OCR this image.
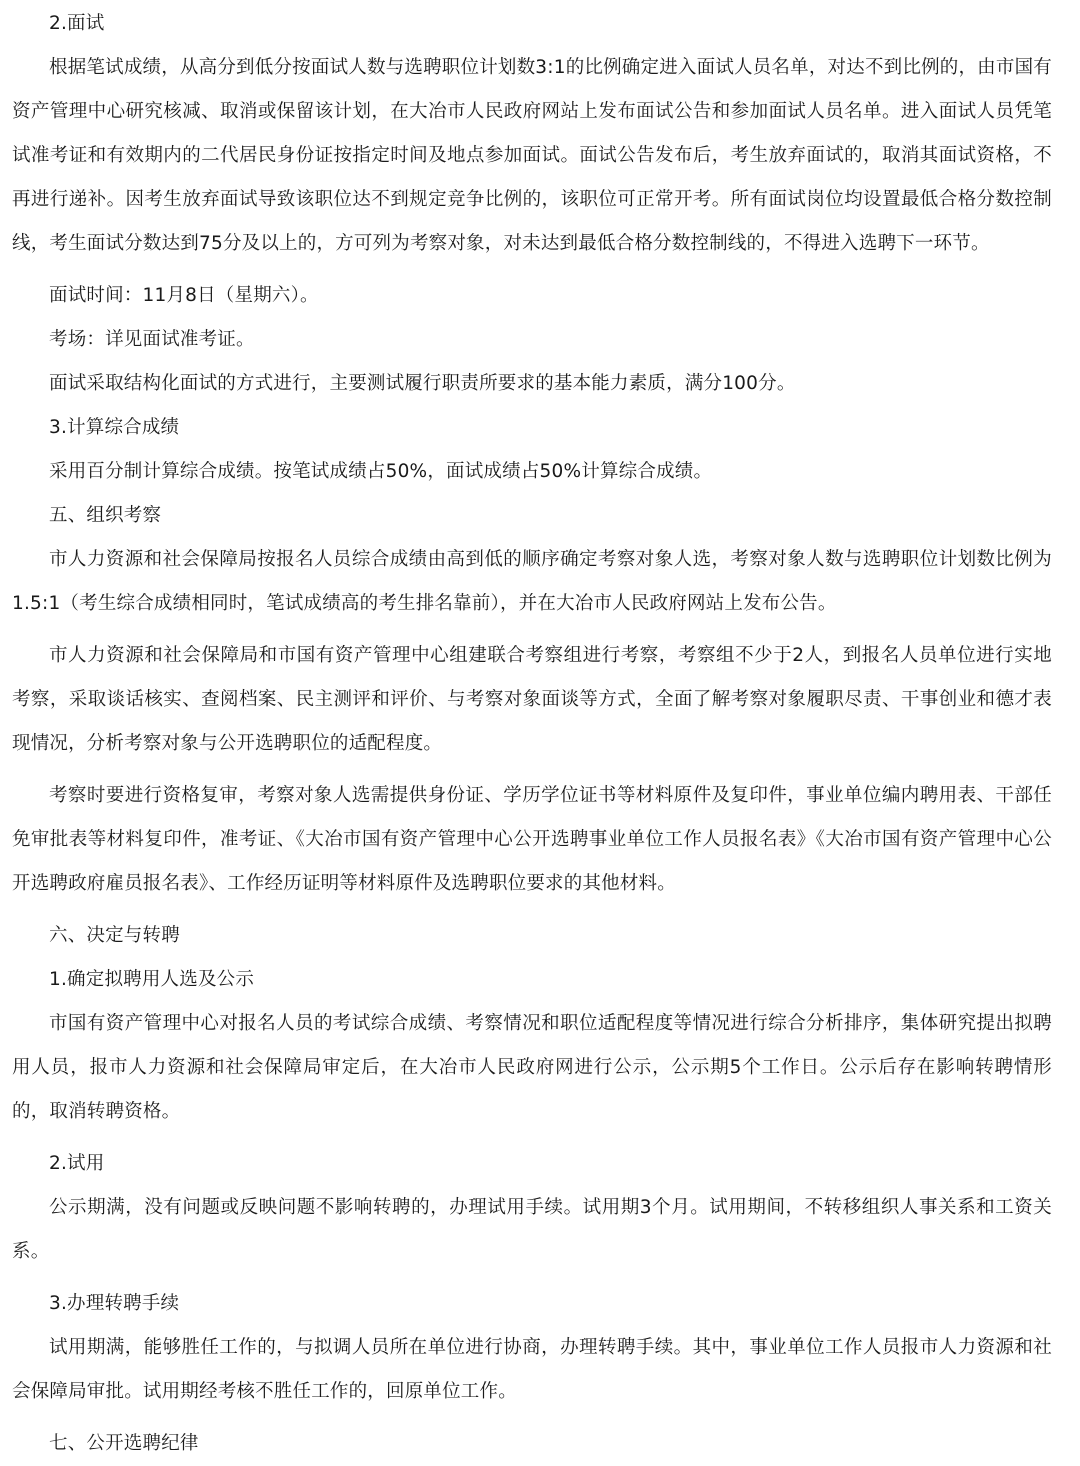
2.面试

根据笔试成绩，从高分到低分按面试人数与选聘职位计划数3:1的比例确定进入面试人员名单，对达不到比例的，由市国有资产管理中心研究核减、取消或保留该计划，在大冶市人民政府网站上发布面试公告和参加面试人员名单。进入面试人员凭笔试准考证和有效期内的二代居民身份证按指定时间及地点参加面试。面试公告发布后，考生放弃面试的，取消其面试资格，不再进行递补。因考生放弃面试导致该职位达不到规定竞争比例的，该职位可正常开考。所有面试岗位均设置最低合格分数控制线，考生面试分数达到75分及以上的，方可列为考察对象，对未达到最低合格分数控制线的，不得进入选聘下一环节。

面试时间：11月8日（星期六）。

考场：详见面试准考证。

面试采取结构化面试的方式进行，主要测试履行职责所要求的基本能力素质，满分100分。

3.计算综合成绩

采用百分制计算综合成绩。按笔试成绩占50%，面试成绩占50%计算综合成绩。

五、组织考察

市人力资源和社会保障局按报名人员综合成绩由高到低的顺序确定考察对象人选，考察对象人数与选聘职位计划数比例为1.5:1（考生综合成绩相同时，笔试成绩高的考生排名靠前），并在大冶市人民政府网站上发布公告。

市人力资源和社会保障局和市国有资产管理中心组建联合考察组进行考察，考察组不少于2人，到报名人员单位进行实地考察，采取谈话核实、查阅档案、民主测评和评价、与考察对象面谈等方式，全面了解考察对象履职尽责、干事创业和德才表现情况，分析考察对象与公开选聘职位的适配程度。

考察时要进行资格复审，考察对象人选需提供身份证、学历学位证书等材料原件及复印件，事业单位编内聘用表、干部任免审批表等材料复印件，准考证、《大冶市国有资产管理中心公开选聘事业单位工作人员报名表》《大冶市国有资产管理中心公开选聘政府雇员报名表》、工作经历证明等材料原件及选聘职位要求的其他材料。

六、决定与转聘

1.确定拟聘用人选及公示

市国有资产管理中心对报名人员的考试综合成绩、考察情况和职位适配程度等情况进行综合分析排序，集体研究提出拟聘用人员，报市人力资源和社会保障局审定后，在大冶市人民政府网进行公示，公示期5个工作日。公示后存在影响转聘情形的，取消转聘资格。

2.试用

公示期满，没有问题或反映问题不影响转聘的，办理试用手续。试用期3个月。试用期间，不转移组织人事关系和工资关系。

3.办理转聘手续

试用期满，能够胜任工作的，与拟调人员所在单位进行协商，办理转聘手续。其中，事业单位工作人员报市人力资源和社会保障局审批。试用期经考核不胜任工作的，回原单位工作。

七、公开选聘纪律
